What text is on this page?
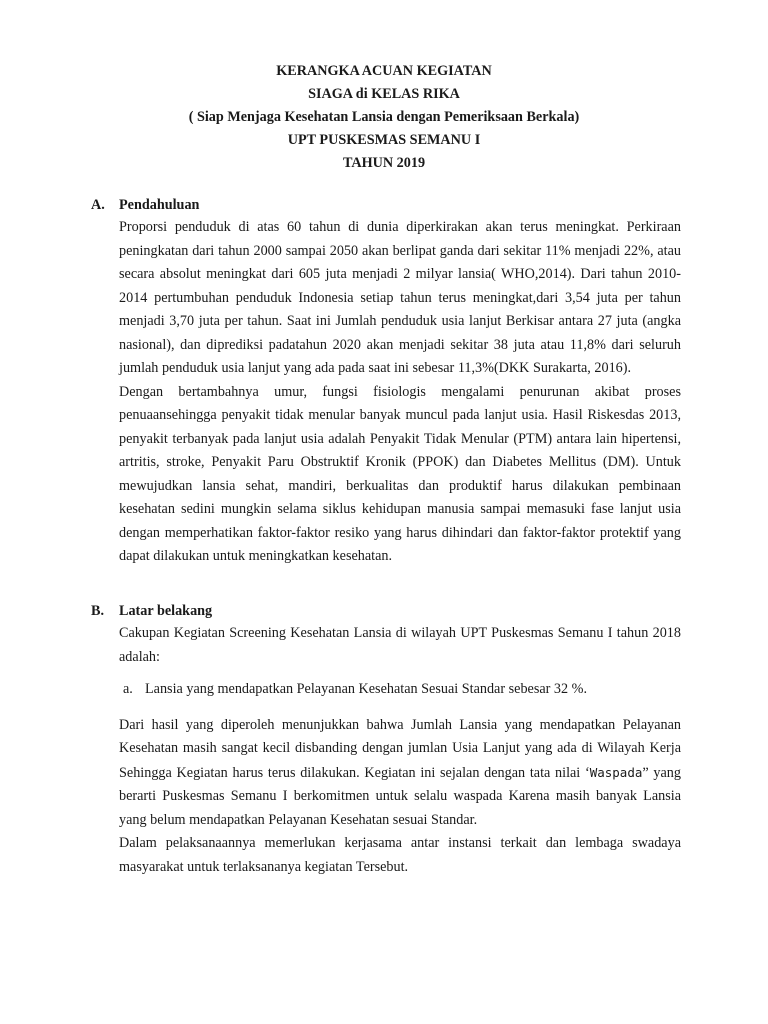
KERANGKA ACUAN KEGIATAN
SIAGA di KELAS RIKA
( Siap Menjaga Kesehatan Lansia dengan Pemeriksaan Berkala)
UPT PUSKESMAS SEMANU I
TAHUN 2019
A. Pendahuluan

Proporsi penduduk di atas 60 tahun di dunia diperkirakan akan terus meningkat. Perkiraan peningkatan dari tahun 2000 sampai 2050 akan berlipat ganda dari sekitar 11% menjadi 22%, atau secara absolut meningkat dari 605 juta menjadi 2 milyar lansia( WHO,2014). Dari tahun 2010-2014 pertumbuhan penduduk Indonesia setiap tahun terus meningkat,dari 3,54 juta per tahun menjadi 3,70 juta per tahun. Saat ini Jumlah penduduk usia lanjut Berkisar antara 27 juta (angka nasional), dan diprediksi padatahun 2020 akan menjadi sekitar 38 juta atau 11,8% dari seluruh jumlah penduduk usia lanjut yang ada pada saat ini sebesar 11,3%(DKK Surakarta, 2016).

Dengan bertambahnya umur, fungsi fisiologis mengalami penurunan akibat proses penuaansehingga penyakit tidak menular banyak muncul pada lanjut usia. Hasil Riskesdas 2013, penyakit terbanyak pada lanjut usia adalah Penyakit Tidak Menular (PTM) antara lain hipertensi, artritis, stroke, Penyakit Paru Obstruktif Kronik (PPOK) dan Diabetes Mellitus (DM). Untuk mewujudkan lansia sehat, mandiri, berkualitas dan produktif harus dilakukan pembinaan kesehatan sedini mungkin selama siklus kehidupan manusia sampai memasuki fase lanjut usia dengan memperhatikan faktor-faktor resiko yang harus dihindari dan faktor-faktor protektif yang dapat dilakukan untuk meningkatkan kesehatan.

B. Latar belakang

Cakupan Kegiatan Screening Kesehatan Lansia di wilayah UPT Puskesmas Semanu I tahun 2018 adalah:

a. Lansia yang mendapatkan Pelayanan Kesehatan Sesuai Standar sebesar 32 %.

Dari hasil yang diperoleh menunjukkan bahwa Jumlah Lansia yang mendapatkan Pelayanan Kesehatan masih sangat kecil disbanding dengan jumlan Usia Lanjut yang ada di Wilayah Kerja Sehingga Kegiatan harus terus dilakukan. Kegiatan ini sejalan dengan tata nilai ‘Waspada” yang berarti Puskesmas Semanu I berkomitmen untuk selalu waspada Karena masih banyak Lansia yang belum mendapatkan Pelayanan Kesehatan sesuai Standar.

Dalam pelaksanaannya memerlukan kerjasama antar instansi terkait dan lembaga swadaya masyarakat untuk terlaksananya kegiatan Tersebut.
